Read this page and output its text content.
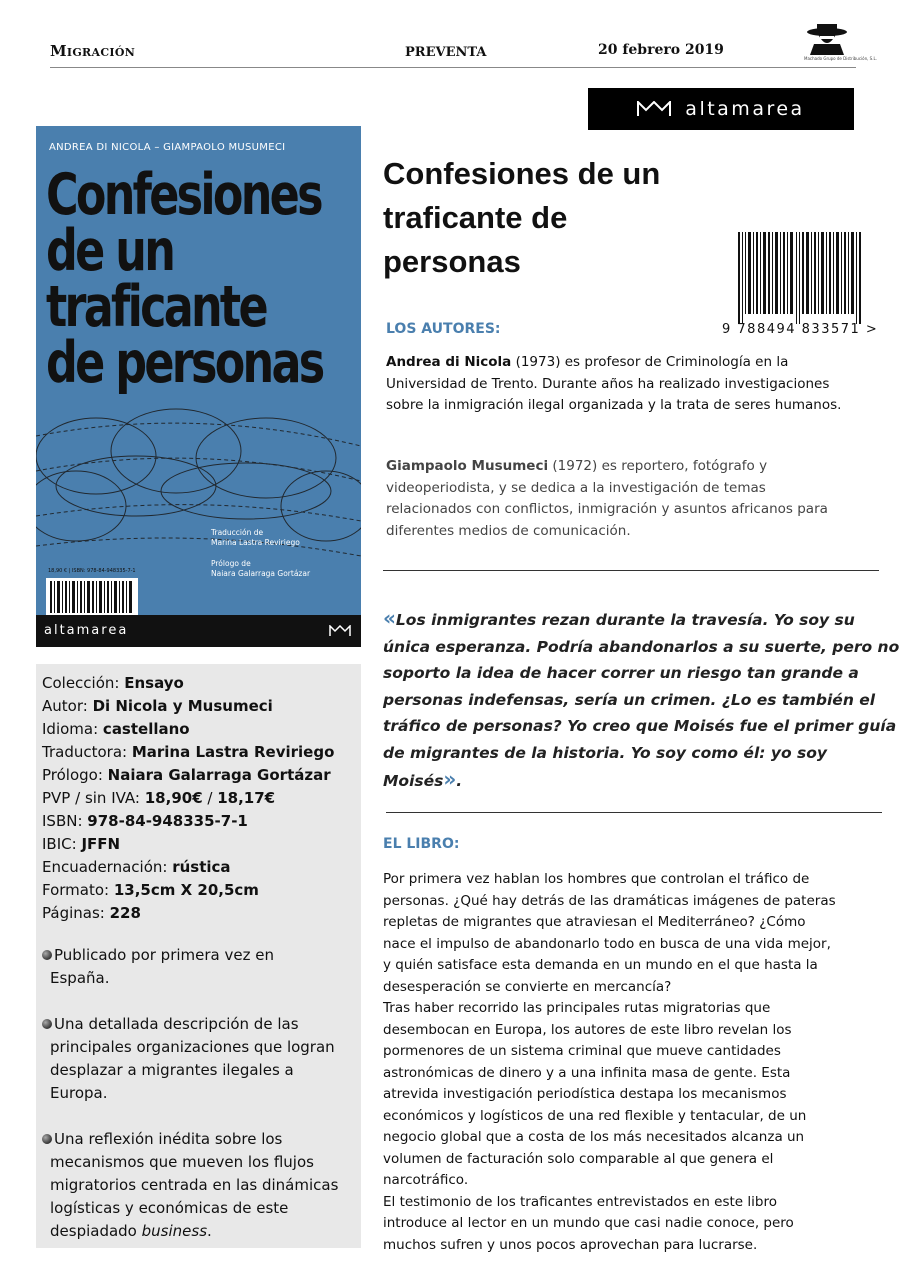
Migración	PREVENTA	20 febrero 2019
Machado Grupo de Distribución, S.L.
altamarea
ANDREA DI NICOLA – GIAMPAOLO MUSUMECI
Confesiones
de un
traficante
de personas
Traducción de
Marina Lastra Reviriego
Prólogo de
Naiara Galarraga Gortázar
18,90 € | ISBN: 978-84-948335-7-1
altamarea
Confesiones de un
traficante de
personas
9 788494 833571 >
LOS AUTORES:
Andrea di Nicola (1973) es profesor de Criminología en la
Universidad de Trento. Durante años ha realizado investigaciones
sobre la inmigración ilegal organizada y la trata de seres humanos.
Giampaolo Musumeci (1972) es reportero, fotógrafo y
videoperiodista, y se dedica a la investigación de temas
relacionados con conflictos, inmigración y asuntos africanos para
diferentes medios de comunicación.
«Los inmigrantes rezan durante la travesía. Yo soy su
única esperanza. Podría abandonarlos a su suerte, pero no
soporto la idea de hacer correr un riesgo tan grande a
personas indefensas, sería un crimen. ¿Lo es también el
tráfico de personas? Yo creo que Moisés fue el primer guía
de migrantes de la historia. Yo soy como él: yo soy
Moisés».
EL LIBRO:
Por primera vez hablan los hombres que controlan el tráfico de
personas. ¿Qué hay detrás de las dramáticas imágenes de pateras
repletas de migrantes que atraviesan el Mediterráneo? ¿Cómo
nace el impulso de abandonarlo todo en busca de una vida mejor,
y quién satisface esta demanda en un mundo en el que hasta la
desesperación se convierte en mercancía?
Tras haber recorrido las principales rutas migratorias que
desembocan en Europa, los autores de este libro revelan los
pormenores de un sistema criminal que mueve cantidades
astronómicas de dinero y a una infinita masa de gente. Esta
atrevida investigación periodística destapa los mecanismos
económicos y logísticos de una red flexible y tentacular, de un
negocio global que a costa de los más necesitados alcanza un
volumen de facturación solo comparable al que genera el
narcotráfico.
El testimonio de los traficantes entrevistados en este libro
introduce al lector en un mundo que casi nadie conoce, pero
muchos sufren y unos pocos aprovechan para lucrarse.
Colección: Ensayo
Autor: Di Nicola y Musumeci
Idioma: castellano
Traductora: Marina Lastra Reviriego
Prólogo: Naiara Galarraga Gortázar
PVP / sin IVA: 18,90€ / 18,17€
ISBN: 978-84-948335-7-1
IBIC: JFFN
Encuadernación: rústica
Formato: 13,5cm X 20,5cm
Páginas: 228
Publicado por primera vez en
España.
Una detallada descripción de las
principales organizaciones que logran
desplazar a migrantes ilegales a
Europa.
Una reflexión inédita sobre los
mecanismos que mueven los flujos
migratorios centrada en las dinámicas
logísticas y económicas de este
despiadado business.
